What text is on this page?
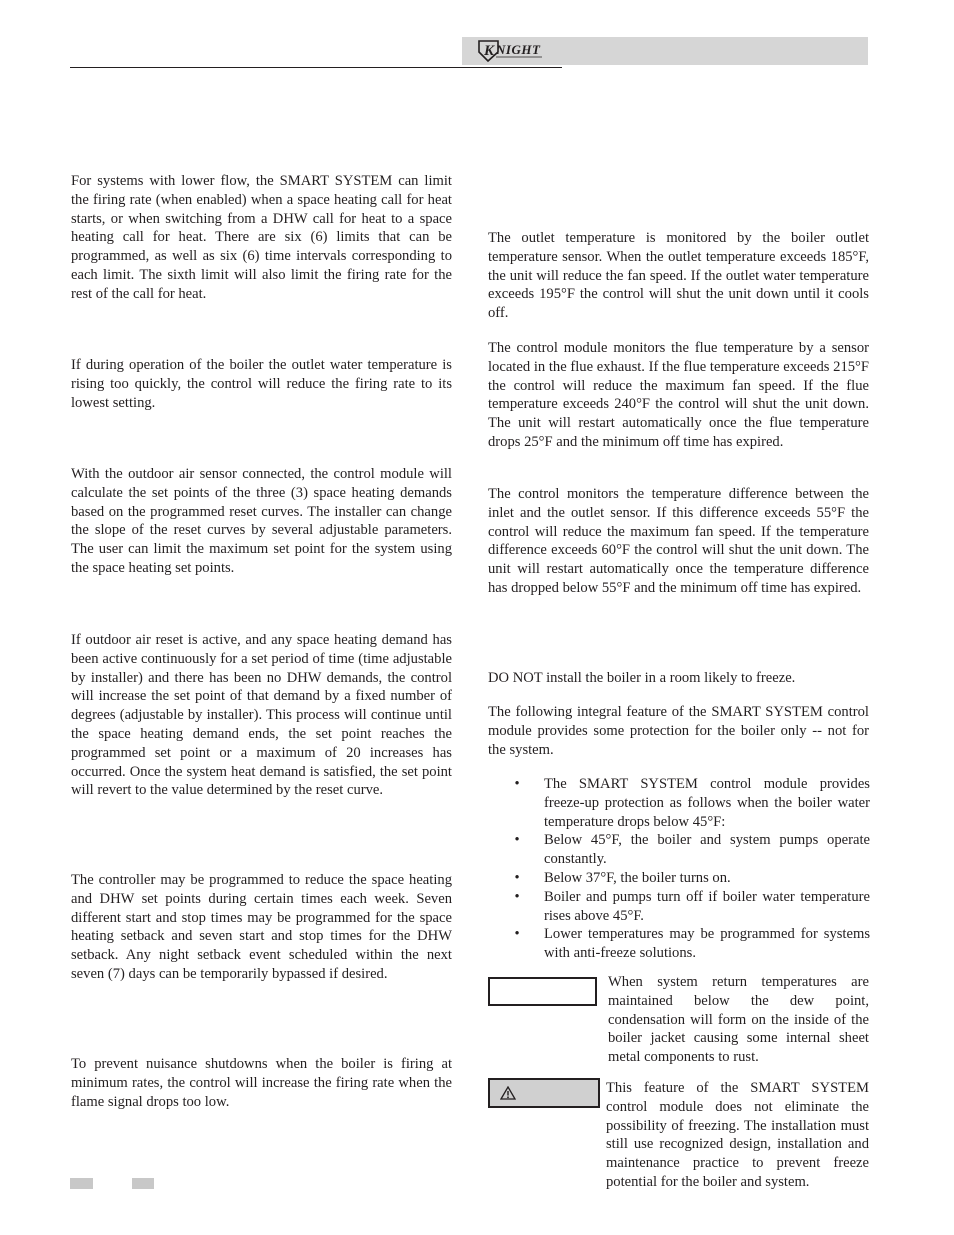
K NIGHT

For systems with lower flow, the SMART SYSTEM can limit the firing rate (when enabled) when a space heating call for heat starts, or when switching from a DHW call for heat to a space heating call for heat. There are six (6) limits that can be programmed, as well as six (6) time intervals corresponding to each limit. The sixth limit will also limit the firing rate for the rest of the call for heat.

If during operation of the boiler the outlet water temperature is rising too quickly, the control will reduce the firing rate to its lowest setting.

With the outdoor air sensor connected, the control module will calculate the set points of the three (3) space heating demands based on the programmed reset curves. The installer can change the slope of the reset curves by several adjustable parameters. The user can limit the maximum set point for the system using the space heating set points.

If outdoor air reset is active, and any space heating demand has been active continuously for a set period of time (time adjustable by installer) and there has been no DHW demands, the control will increase the set point of that demand by a fixed number of degrees (adjustable by installer). This process will continue until the space heating demand ends, the set point reaches the programmed set point or a maximum of 20 increases has occurred. Once the system heat demand is satisfied, the set point will revert to the value determined by the reset curve.

The controller may be programmed to reduce the space heating and DHW set points during certain times each week. Seven different start and stop times may be programmed for the space heating setback and seven start and stop times for the DHW setback. Any night setback event scheduled within the next seven (7) days can be temporarily bypassed if desired.

To prevent nuisance shutdowns when the boiler is firing at minimum rates, the control will increase the firing rate when the flame signal drops too low.

The outlet temperature is monitored by the boiler outlet temperature sensor. When the outlet temperature exceeds 185°F, the unit will reduce the fan speed. If the outlet water temperature exceeds 195°F the control will shut the unit down until it cools off.

The control module monitors the flue temperature by a sensor located in the flue exhaust. If the flue temperature exceeds 215°F the control will reduce the maximum fan speed. If the flue temperature exceeds 240°F the control will shut the unit down. The unit will restart automatically once the flue temperature drops 25°F and the minimum off time has expired.

The control monitors the temperature difference between the inlet and the outlet sensor. If this difference exceeds 55°F the control will reduce the maximum fan speed. If the temperature difference exceeds 60°F the control will shut the unit down. The unit will restart automatically once the temperature difference has dropped below 55°F and the minimum off time has expired.

DO NOT install the boiler in a room likely to freeze.

The following integral feature of the SMART SYSTEM control module provides some protection for the boiler only -- not for the system.

• The SMART SYSTEM control module provides freeze-up protection as follows when the boiler water temperature drops below 45°F:
• Below 45°F, the boiler and system pumps operate constantly.
• Below 37°F, the boiler turns on.
• Boiler and pumps turn off if boiler water temperature rises above 45°F.
• Lower temperatures may be programmed for systems with anti-freeze solutions.

When system return temperatures are maintained below the dew point, condensation will form on the inside of the boiler jacket causing some internal sheet metal components to rust.

This feature of the SMART SYSTEM control module does not eliminate the possibility of freezing. The installation must still use recognized design, installation and maintenance practice to prevent freeze potential for the boiler and system.
